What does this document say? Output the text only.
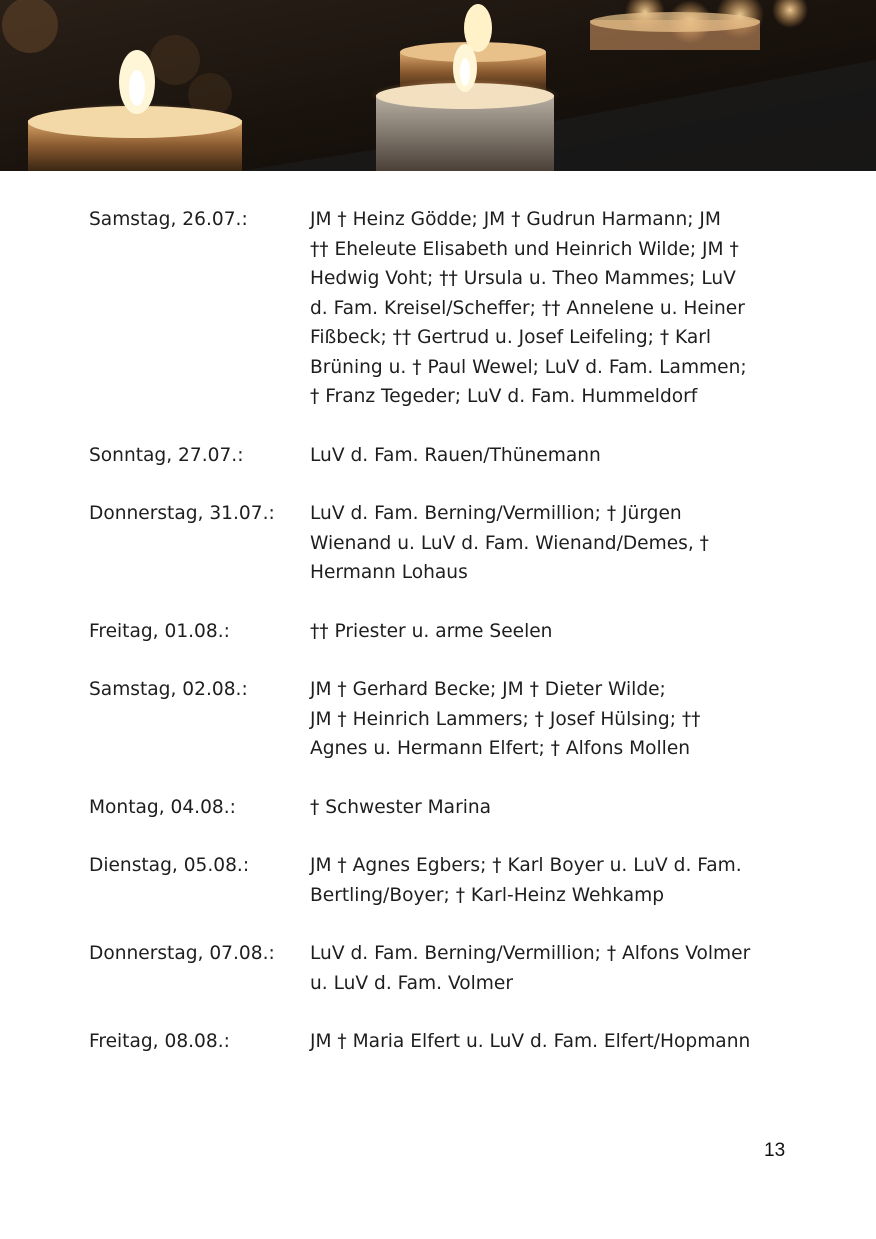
Samstag, 26.07.:	JM † Heinz Gödde; JM † Gudrun Harmann; JM
†† Eheleute Elisabeth und Heinrich Wilde; JM †
Hedwig Voht; †† Ursula u. Theo Mammes; LuV
d. Fam. Kreisel/Scheffer; †† Annelene u. Heiner
Fißbeck; †† Gertrud u. Josef Leifeling; † Karl
Brüning u. † Paul Wewel; LuV d. Fam. Lammen;
† Franz Tegeder; LuV d. Fam. Hummeldorf
Sonntag, 27.07.:	LuV d. Fam. Rauen/Thünemann
Donnerstag, 31.07.:	LuV d. Fam. Berning/Vermillion; † Jürgen
Wienand u. LuV d. Fam. Wienand/Demes, †
Hermann Lohaus
Freitag, 01.08.:	†† Priester u. arme Seelen
Samstag, 02.08.:	JM † Gerhard Becke; JM † Dieter Wilde;
JM † Heinrich Lammers; † Josef Hülsing; ††
Agnes u. Hermann Elfert; † Alfons Mollen
Montag, 04.08.:	† Schwester Marina
Dienstag, 05.08.:	JM † Agnes Egbers; † Karl Boyer u. LuV d. Fam.
Bertling/Boyer; † Karl-Heinz Wehkamp
Donnerstag, 07.08.:	LuV d. Fam. Berning/Vermillion; † Alfons Volmer
u. LuV d. Fam. Volmer
Freitag, 08.08.:	JM † Maria Elfert u. LuV d. Fam. Elfert/Hopmann
13
